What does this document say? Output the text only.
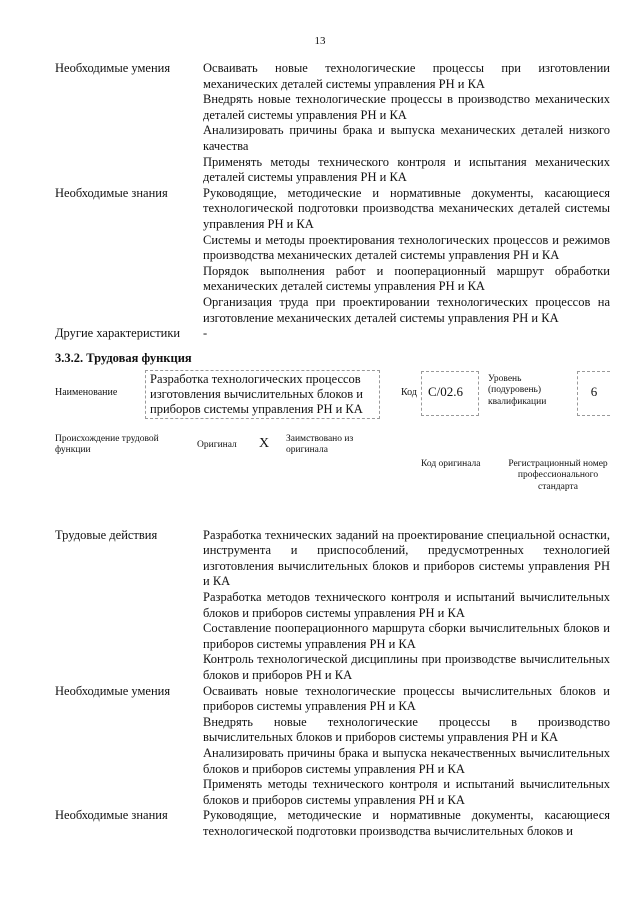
13
Необходимые умения	Осваивать новые технологические процессы при изготовлении механических деталей системы управления РН и КА
Внедрять новые технологические процессы в производство механических деталей системы управления РН и КА
Анализировать причины брака и выпуска механических деталей низкого качества
Применять методы технического контроля и испытания механических деталей системы управления РН и КА
Необходимые знания	Руководящие, методические и нормативные документы, касающиеся технологической подготовки производства механических деталей системы управления РН и КА
Системы и методы проектирования технологических процессов и режимов производства механических деталей системы управления РН и КА
Порядок выполнения работ и пооперационный маршрут обработки механических деталей системы управления РН и КА
Организация труда при проектировании технологических процессов на изготовление механических деталей системы управления РН и КА
Другие характеристики	-
3.3.2. Трудовая функция
Наименование
Разработка технологических процессов изготовления вычислительных блоков и приборов системы управления РН и КА
Код С/02.6
Уровень (подуровень) квалификации
6
Происхождение трудовой функции
Оригинал X Заимствовано из оригинала
Код оригинала	Регистрационный номер профессионального стандарта
Трудовые действия	Разработка технических заданий на проектирование специальной оснастки, инструмента и приспособлений, предусмотренных технологией изготовления вычислительных блоков и приборов системы управления РН и КА
Разработка методов технического контроля и испытаний вычислительных блоков и приборов системы управления РН и КА
Составление пооперационного маршрута сборки вычислительных блоков и приборов системы управления РН и КА
Контроль технологической дисциплины при производстве вычислительных блоков и приборов РН и КА
Необходимые умения	Осваивать новые технологические процессы вычислительных блоков и приборов системы управления РН и КА
Внедрять новые технологические процессы в производство вычислительных блоков и приборов системы управления РН и КА
Анализировать причины брака и выпуска некачественных вычислительных блоков и приборов системы управления РН и КА
Применять методы технического контроля и испытаний вычислительных блоков и приборов системы управления РН и КА
Необходимые знания	Руководящие, методические и нормативные документы, касающиеся технологической подготовки производства вычислительных блоков и
